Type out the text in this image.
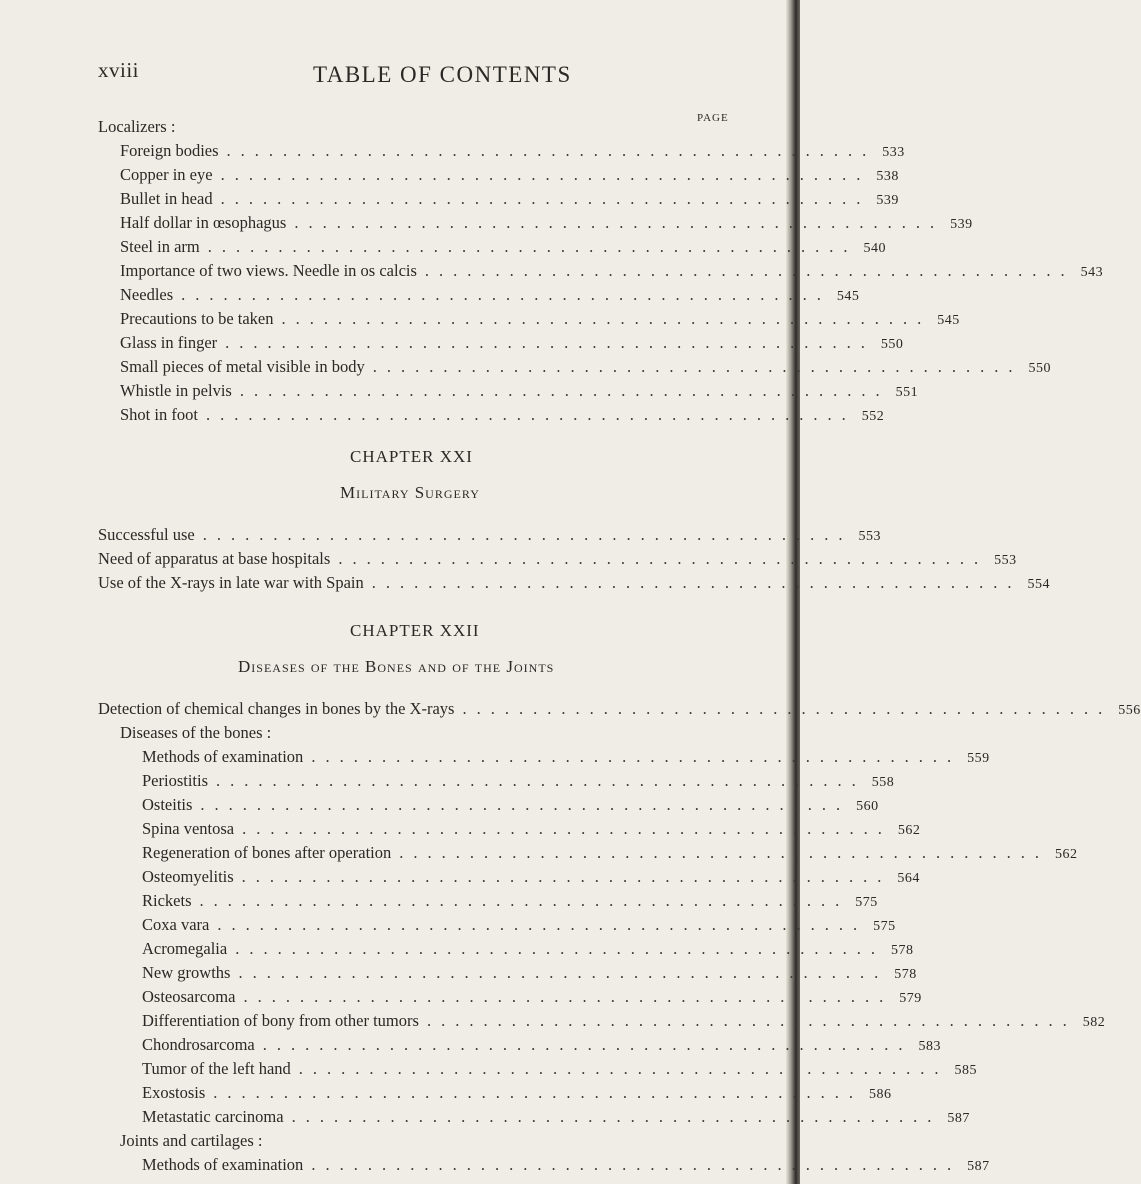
xviii	TABLE OF CONTENTS
PAGE
Localizers :
Foreign bodies .............................................. 533
Copper in eye .............................................. 538
Bullet in head .............................................. 539
Half dollar in œsophagus .............................................. 539
Steel in arm .............................................. 540
Importance of two views. Needle in os calcis .............................................. 543
Needles .............................................. 545
Precautions to be taken .............................................. 545
Glass in finger .............................................. 550
Small pieces of metal visible in body .............................................. 550
Whistle in pelvis .............................................. 551
Shot in foot .............................................. 552
CHAPTER XXI
Military Surgery
Successful use .............................................. 553
Need of apparatus at base hospitals .............................................. 553
Use of the X-rays in late war with Spain .............................................. 554
CHAPTER XXII
Diseases of the Bones and of the Joints
Detection of chemical changes in bones by the X-rays .............................................. 556
Diseases of the bones :
Methods of examination .............................................. 559
Periostitis .............................................. 558
Osteitis .............................................. 560
Spina ventosa .............................................. 562
Regeneration of bones after operation .............................................. 562
Osteomyelitis .............................................. 564
Rickets .............................................. 575
Coxa vara .............................................. 575
Acromegalia .............................................. 578
New growths .............................................. 578
Osteosarcoma .............................................. 579
Differentiation of bony from other tumors .............................................. 582
Chondrosarcoma .............................................. 583
Tumor of the left hand .............................................. 585
Exostosis .............................................. 586
Metastatic carcinoma .............................................. 587
Joints and cartilages :
Methods of examination .............................................. 587
